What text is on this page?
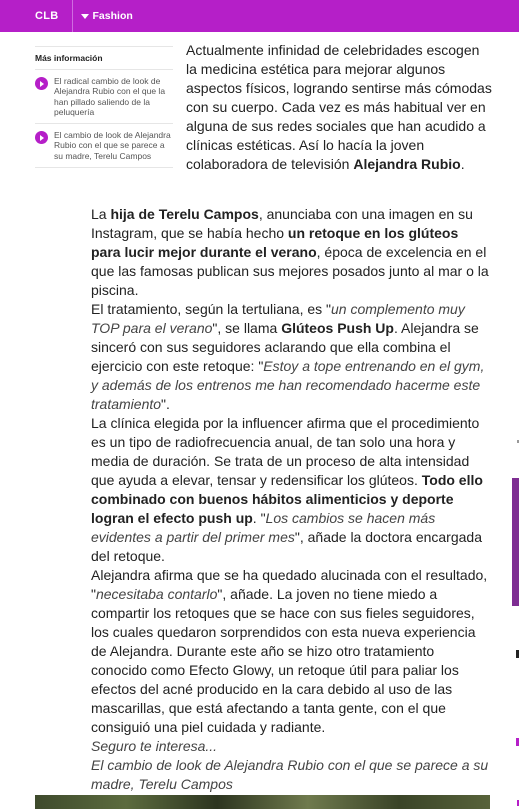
CLB	Fashion
Más información
El radical cambio de look de Alejandra Rubio con el que la han pillado saliendo de la peluquería
El cambio de look de Alejandra Rubio con el que se parece a su madre, Terelu Campos
Actualmente infinidad de celebridades escogen la medicina estética para mejorar algunos aspectos físicos, logrando sentirse más cómodas con su cuerpo. Cada vez es más habitual ver en alguna de sus redes sociales que han acudido a clínicas estéticas. Así lo hacía la joven colaboradora de televisión Alejandra Rubio.

La hija de Terelu Campos, anunciaba con una imagen en su Instagram, que se había hecho un retoque en los glúteos para lucir mejor durante el verano, época de excelencia en el que las famosas publican sus mejores posados junto al mar o la piscina.

El tratamiento, según la tertuliana, es "un complemento muy TOP para el verano", se llama Glúteos Push Up. Alejandra se sinceró con sus seguidores aclarando que ella combina el ejercicio con este retoque: "Estoy a tope entrenando en el gym, y además de los entrenos me han recomendado hacerme este tratamiento".

La clínica elegida por la influencer afirma que el procedimiento es un tipo de radiofrecuencia anual, de tan solo una hora y media de duración. Se trata de un proceso de alta intensidad que ayuda a elevar, tensar y redensificar los glúteos. Todo ello combinado con buenos hábitos alimenticios y deporte logran el efecto push up. "Los cambios se hacen más evidentes a partir del primer mes", añade la doctora encargada del retoque.

Alejandra afirma que se ha quedado alucinada con el resultado, "necesitaba contarlo", añade. La joven no tiene miedo a compartir los retoques que se hace con sus fieles seguidores, los cuales quedaron sorprendidos con esta nueva experiencia de Alejandra. Durante este año se hizo otro tratamiento conocido como Efecto Glowy, un retoque útil para paliar los efectos del acné producido en la cara debido al uso de las mascarillas, que está afectando a tanta gente, con el que consiguió una piel cuidada y radiante.

Seguro te interesa...

El cambio de look de Alejandra Rubio con el que se parece a su madre, Terelu Campos
